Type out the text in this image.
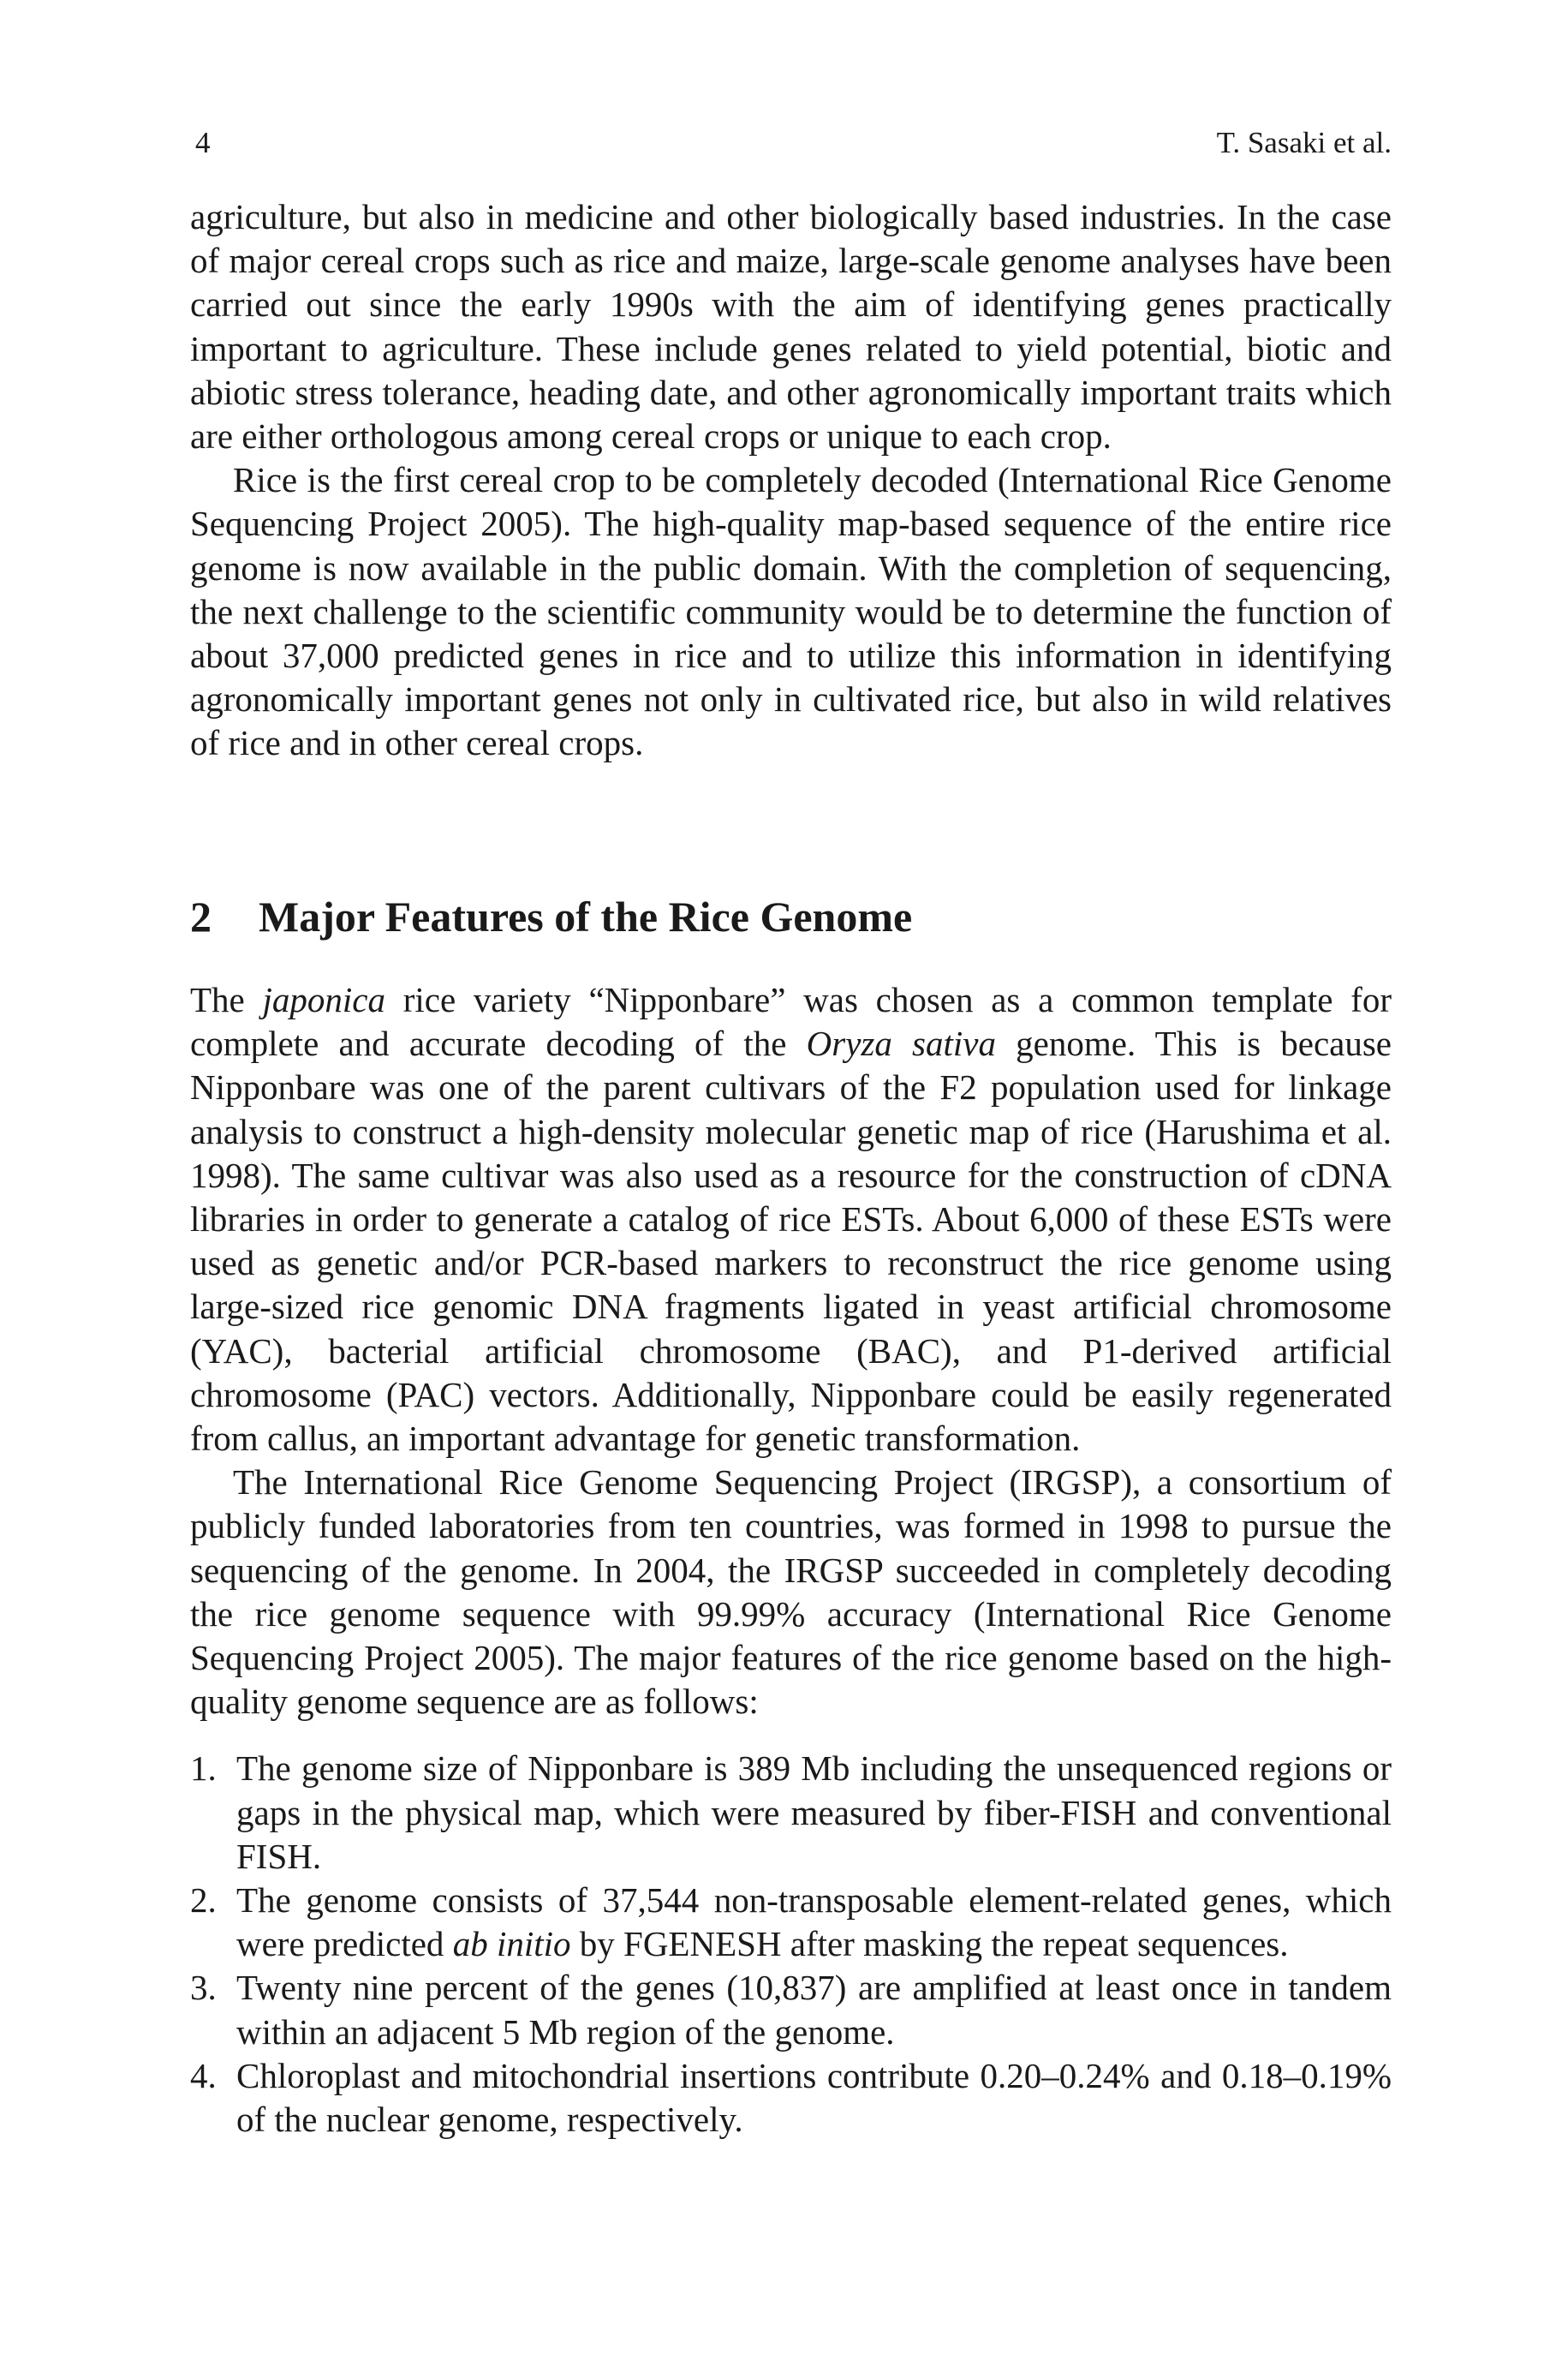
4	T. Sasaki et al.

agriculture, but also in medicine and other biologically based industries. In the case of major cereal crops such as rice and maize, large-scale genome analyses have been carried out since the early 1990s with the aim of identifying genes practically important to agriculture. These include genes related to yield potential, biotic and abiotic stress tolerance, heading date, and other agronomically important traits which are either orthologous among cereal crops or unique to each crop.

Rice is the first cereal crop to be completely decoded (International Rice Genome Sequencing Project 2005). The high-quality map-based sequence of the entire rice genome is now available in the public domain. With the completion of sequencing, the next challenge to the scientific community would be to determine the function of about 37,000 predicted genes in rice and to utilize this information in identifying agronomically important genes not only in cultivated rice, but also in wild relatives of rice and in other cereal crops.

2 Major Features of the Rice Genome

The japonica rice variety “Nipponbare” was chosen as a common template for complete and accurate decoding of the Oryza sativa genome. This is because Nipponbare was one of the parent cultivars of the F2 population used for linkage analysis to construct a high-density molecular genetic map of rice (Harushima et al. 1998). The same cultivar was also used as a resource for the construction of cDNA libraries in order to generate a catalog of rice ESTs. About 6,000 of these ESTs were used as genetic and/or PCR-based markers to reconstruct the rice genome using large-sized rice genomic DNA fragments ligated in yeast artificial chromosome (YAC), bacterial artificial chromosome (BAC), and P1-derived artificial chromosome (PAC) vectors. Additionally, Nipponbare could be easily regenerated from callus, an important advantage for genetic transformation.

The International Rice Genome Sequencing Project (IRGSP), a consortium of publicly funded laboratories from ten countries, was formed in 1998 to pursue the sequencing of the genome. In 2004, the IRGSP succeeded in completely decoding the rice genome sequence with 99.99% accuracy (International Rice Genome Sequencing Project 2005). The major features of the rice genome based on the high-quality genome sequence are as follows:

1. The genome size of Nipponbare is 389 Mb including the unsequenced regions or gaps in the physical map, which were measured by fiber-FISH and conventional FISH.
2. The genome consists of 37,544 non-transposable element-related genes, which were predicted ab initio by FGENESH after masking the repeat sequences.
3. Twenty nine percent of the genes (10,837) are amplified at least once in tandem within an adjacent 5 Mb region of the genome.
4. Chloroplast and mitochondrial insertions contribute 0.20–0.24% and 0.18–0.19% of the nuclear genome, respectively.
